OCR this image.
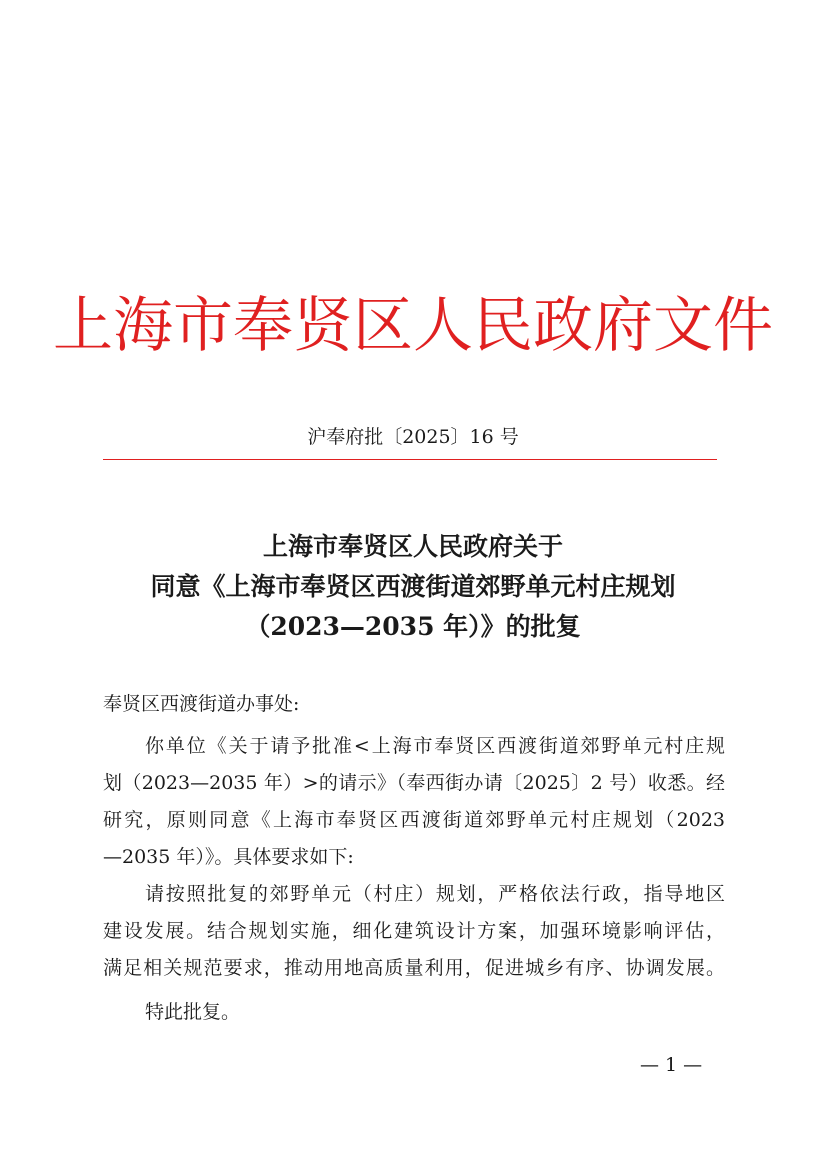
上海市奉贤区人民政府文件
沪奉府批〔2025〕16 号
上海市奉贤区人民政府关于
同意《上海市奉贤区西渡街道郊野单元村庄规划
（2023—2035 年）》的批复
奉贤区西渡街道办事处:
你单位《关于请予批准<上海市奉贤区西渡街道郊野单元村庄规
划（2023—2035 年）>的请示》（奉西街办请〔2025〕2 号）收悉。经
研究，原则同意《上海市奉贤区西渡街道郊野单元村庄规划（2023
—2035 年）》。具体要求如下:
请按照批复的郊野单元（村庄）规划，严格依法行政，指导地区
建设发展。结合规划实施，细化建筑设计方案，加强环境影响评估，
满足相关规范要求，推动用地高质量利用，促进城乡有序、协调发展。
特此批复。
— 1 —
